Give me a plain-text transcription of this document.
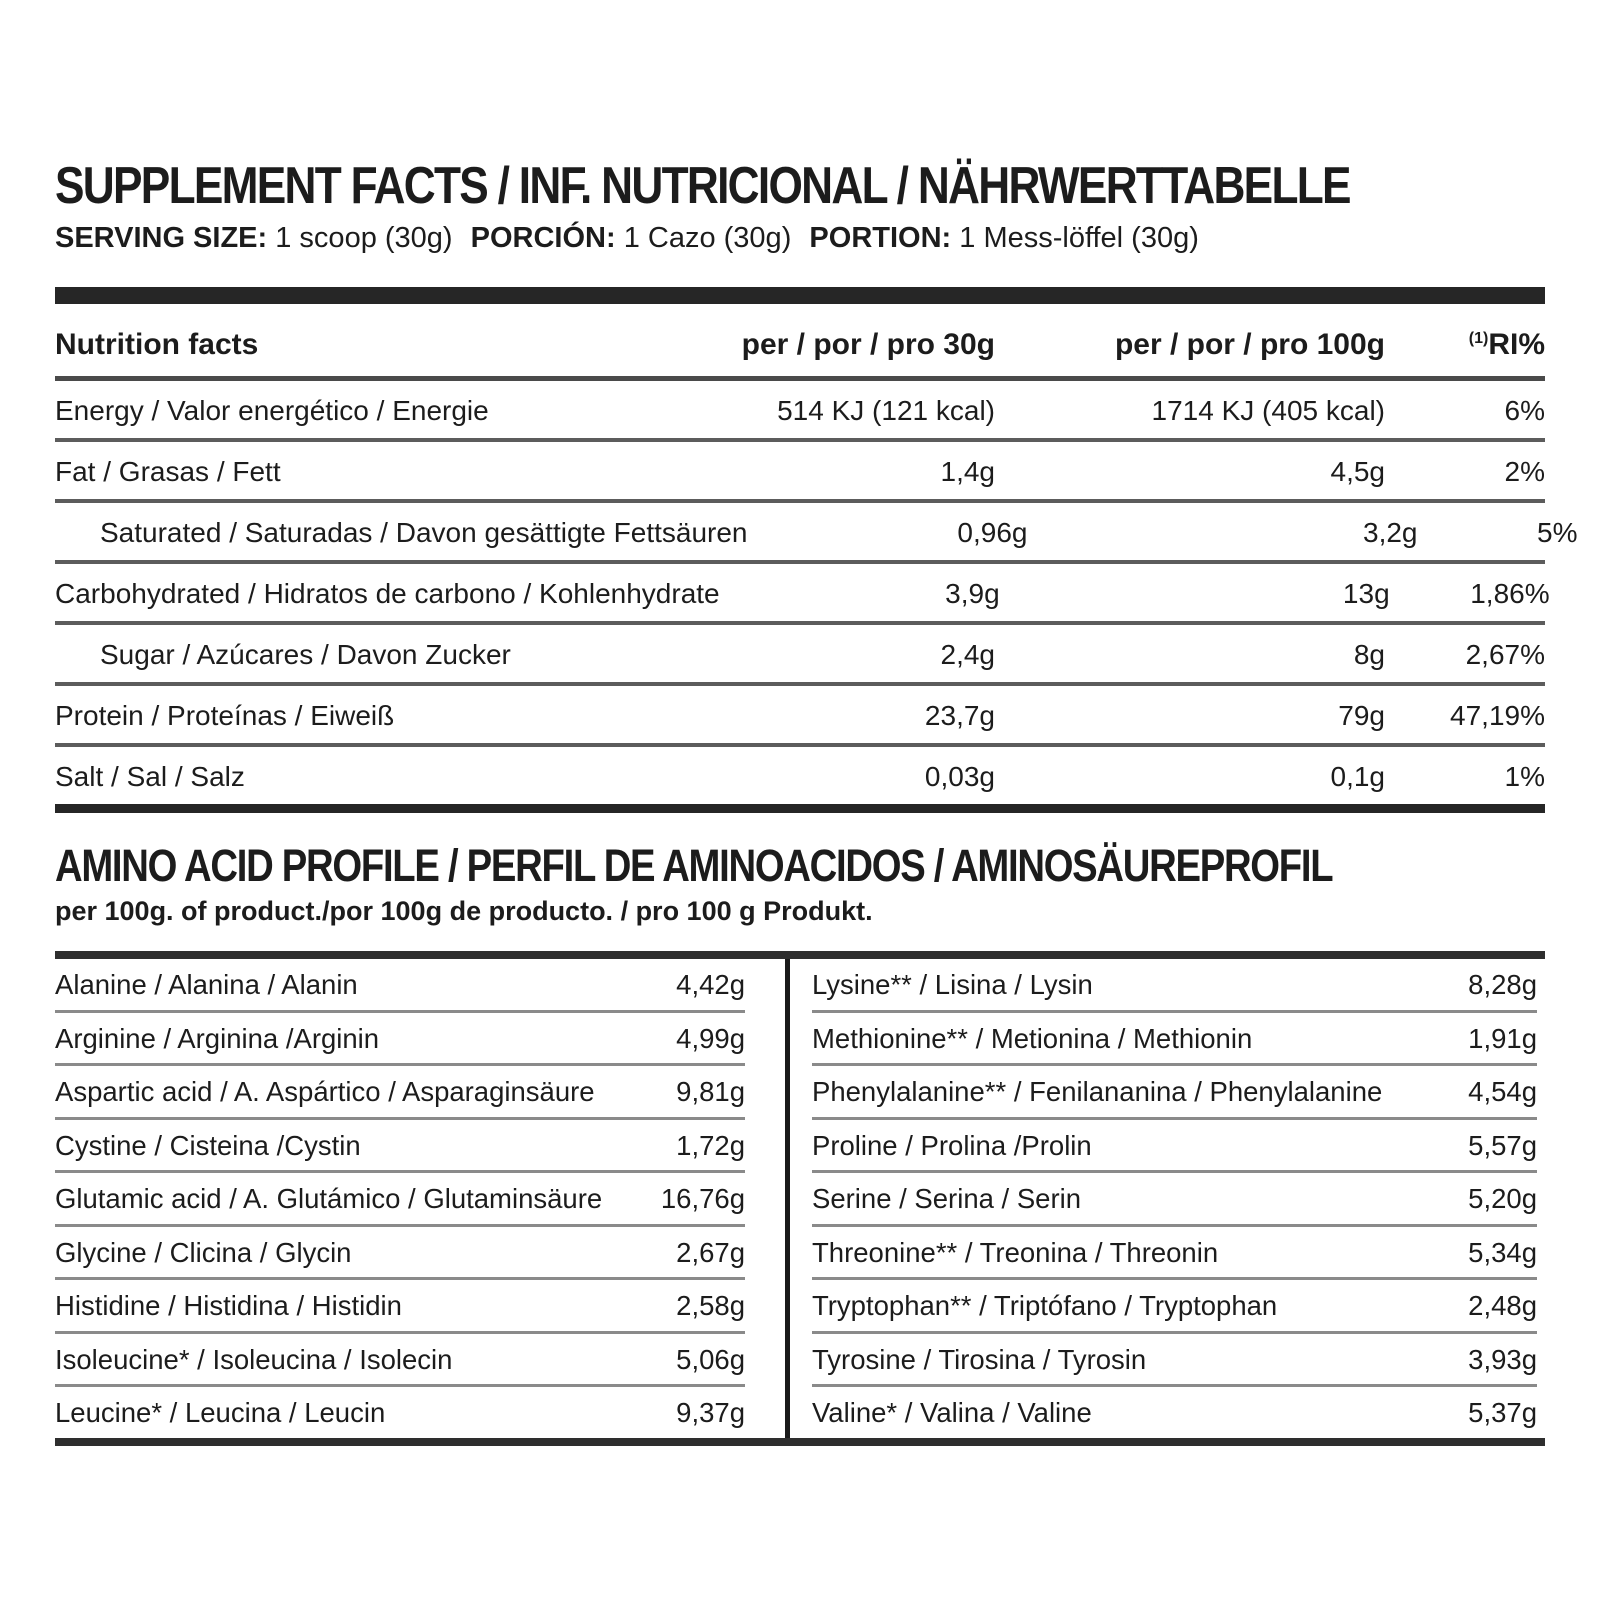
SUPPLEMENT FACTS / INF. NUTRICIONAL / NÄHRWERTTABELLE

SERVING SIZE: 1 scoop (30g) PORCIÓN: 1 Cazo (30g) PORTION: 1 Mess-löffel (30g)

Nutrition facts	per / por / pro 30g	per / por / pro 100g	$^{(1)}$RI%
Energy / Valor energético / Energie	514 KJ (121 kcal)	1714 KJ (405 kcal)	6%
Fat / Grasas / Fett	1,4g	4,5g	2%
Saturated / Saturadas / Davon gesättigte Fettsäuren	0,96g	3,2g	5%
Carbohydrated / Hidratos de carbono / Kohlenhydrate	3,9g	13g	1,86%
Sugar / Azúcares / Davon Zucker	2,4g	8g	2,67%
Protein / Proteínas / Eiweiß	23,7g	79g	47,19%
Salt / Sal / Salz	0,03g	0,1g	1%
AMINO ACID PROFILE / PERFIL DE AMINOACIDOS / AMINOSÄUREPROFIL

per 100g. of product./por 100g de producto. / pro 100 g Produkt.

Alanine / Alanina / Alanin	4,42g
Arginine / Arginina /Arginin	4,99g
Aspartic acid / A. Aspártico / Asparaginsäure	9,81g
Cystine / Cisteina /Cystin	1,72g
Glutamic acid / A. Glutámico / Glutaminsäure	16,76g
Glycine / Clicina / Glycin	2,67g
Histidine / Histidina / Histidin	2,58g
Isoleucine* / Isoleucina / Isolecin	5,06g
Leucine* / Leucina / Leucin	9,37g
Lysine** / Lisina / Lysin	8,28g
Methionine** / Metionina / Methionin	1,91g
Phenylalanine** / Fenilananina / Phenylalanine	4,54g
Proline / Prolina /Prolin	5,57g
Serine / Serina / Serin	5,20g
Threonine** / Treonina / Threonin	5,34g
Tryptophan** / Triptófano / Tryptophan	2,48g
Tyrosine / Tirosina / Tyrosin	3,93g
Valine* / Valina / Valine	5,37g
